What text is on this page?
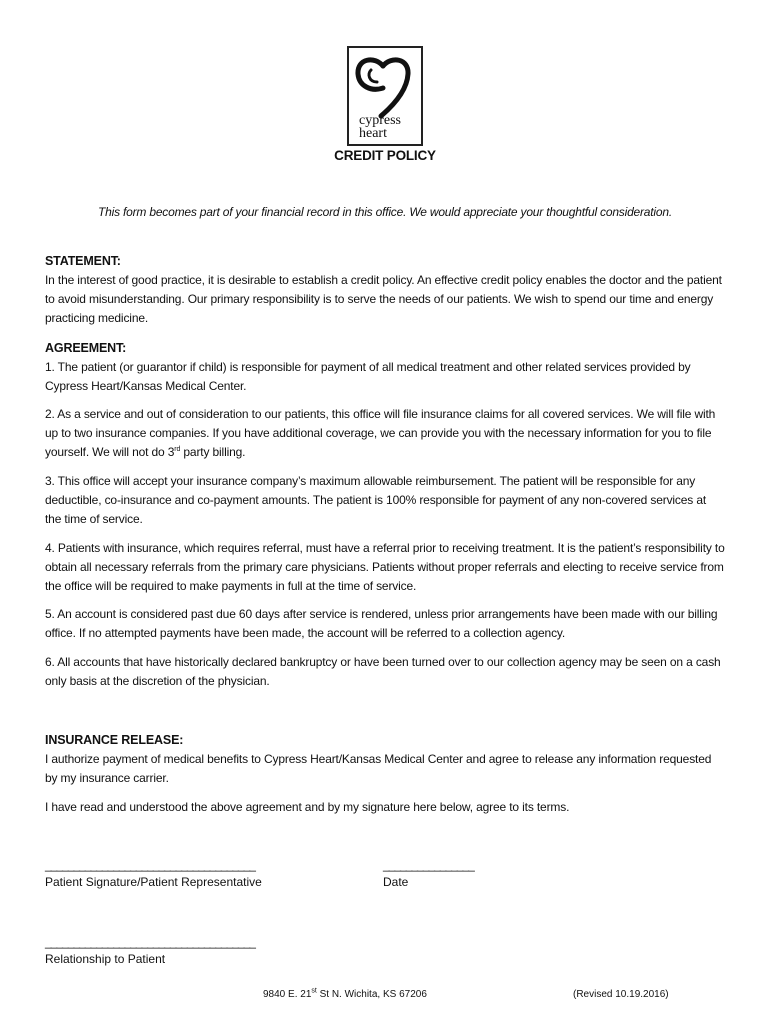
cypress
heart
CREDIT POLICY
This form becomes part of your financial record in this office. We would appreciate your thoughtful consideration.
STATEMENT:

In the interest of good practice, it is desirable to establish a credit policy. An effective credit policy enables the doctor and the patient to avoid misunderstanding. Our primary responsibility is to serve the needs of our patients. We wish to spend our time and energy practicing medicine.

AGREEMENT:

1. The patient (or guarantor if child) is responsible for payment of all medical treatment and other related services provided by Cypress Heart/Kansas Medical Center.

2. As a service and out of consideration to our patients, this office will file insurance claims for all covered services. We will file with up to two insurance companies. If you have additional coverage, we can provide you with the necessary information for you to file yourself. We will not do 3rd party billing.

3. This office will accept your insurance company’s maximum allowable reimbursement. The patient will be responsible for any deductible, co-insurance and co-payment amounts. The patient is 100% responsible for payment of any non-covered services at the time of service.

4. Patients with insurance, which requires referral, must have a referral prior to receiving treatment. It is the patient’s responsibility to obtain all necessary referrals from the primary care physicians. Patients without proper referrals and electing to receive service from the office will be required to make payments in full at the time of service.

5. An account is considered past due 60 days after service is rendered, unless prior arrangements have been made with our billing office. If no attempted payments have been made, the account will be referred to a collection agency.

6. All accounts that have historically declared bankruptcy or have been turned over to our collection agency may be seen on a cash only basis at the discretion of the physician.

INSURANCE RELEASE:

I authorize payment of medical benefits to Cypress Heart/Kansas Medical Center and agree to release any information requested by my insurance carrier.

I have read and understood the above agreement and by my signature here below, agree to its terms.

_____________________________________	________________
Patient Signature/Patient Representative	Date
_____________________________________
Relationship to Patient
9840 E. 21st St N. Wichita, KS 67206	(Revised 10.19.2016)
